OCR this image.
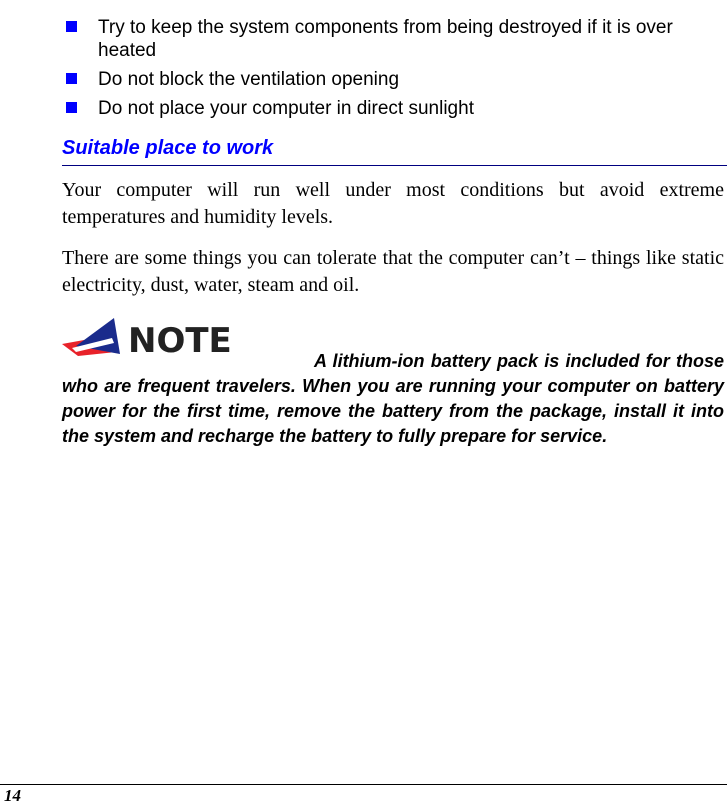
Try to keep the system components from being destroyed if it is over heated
Do not block the ventilation opening
Do not place your computer in direct sunlight
Suitable place to work

Your computer will run well under most conditions but avoid extreme temperatures and humidity levels.

There are some things you can tolerate that the computer can’t – things like static electricity, dust, water, steam and oil.

NOTE	A lithium-ion battery pack is included for those who are frequent travelers. When you are running your computer on battery power for the first time, remove the battery from the package, install it into the system and recharge the battery to fully prepare for service.

14
